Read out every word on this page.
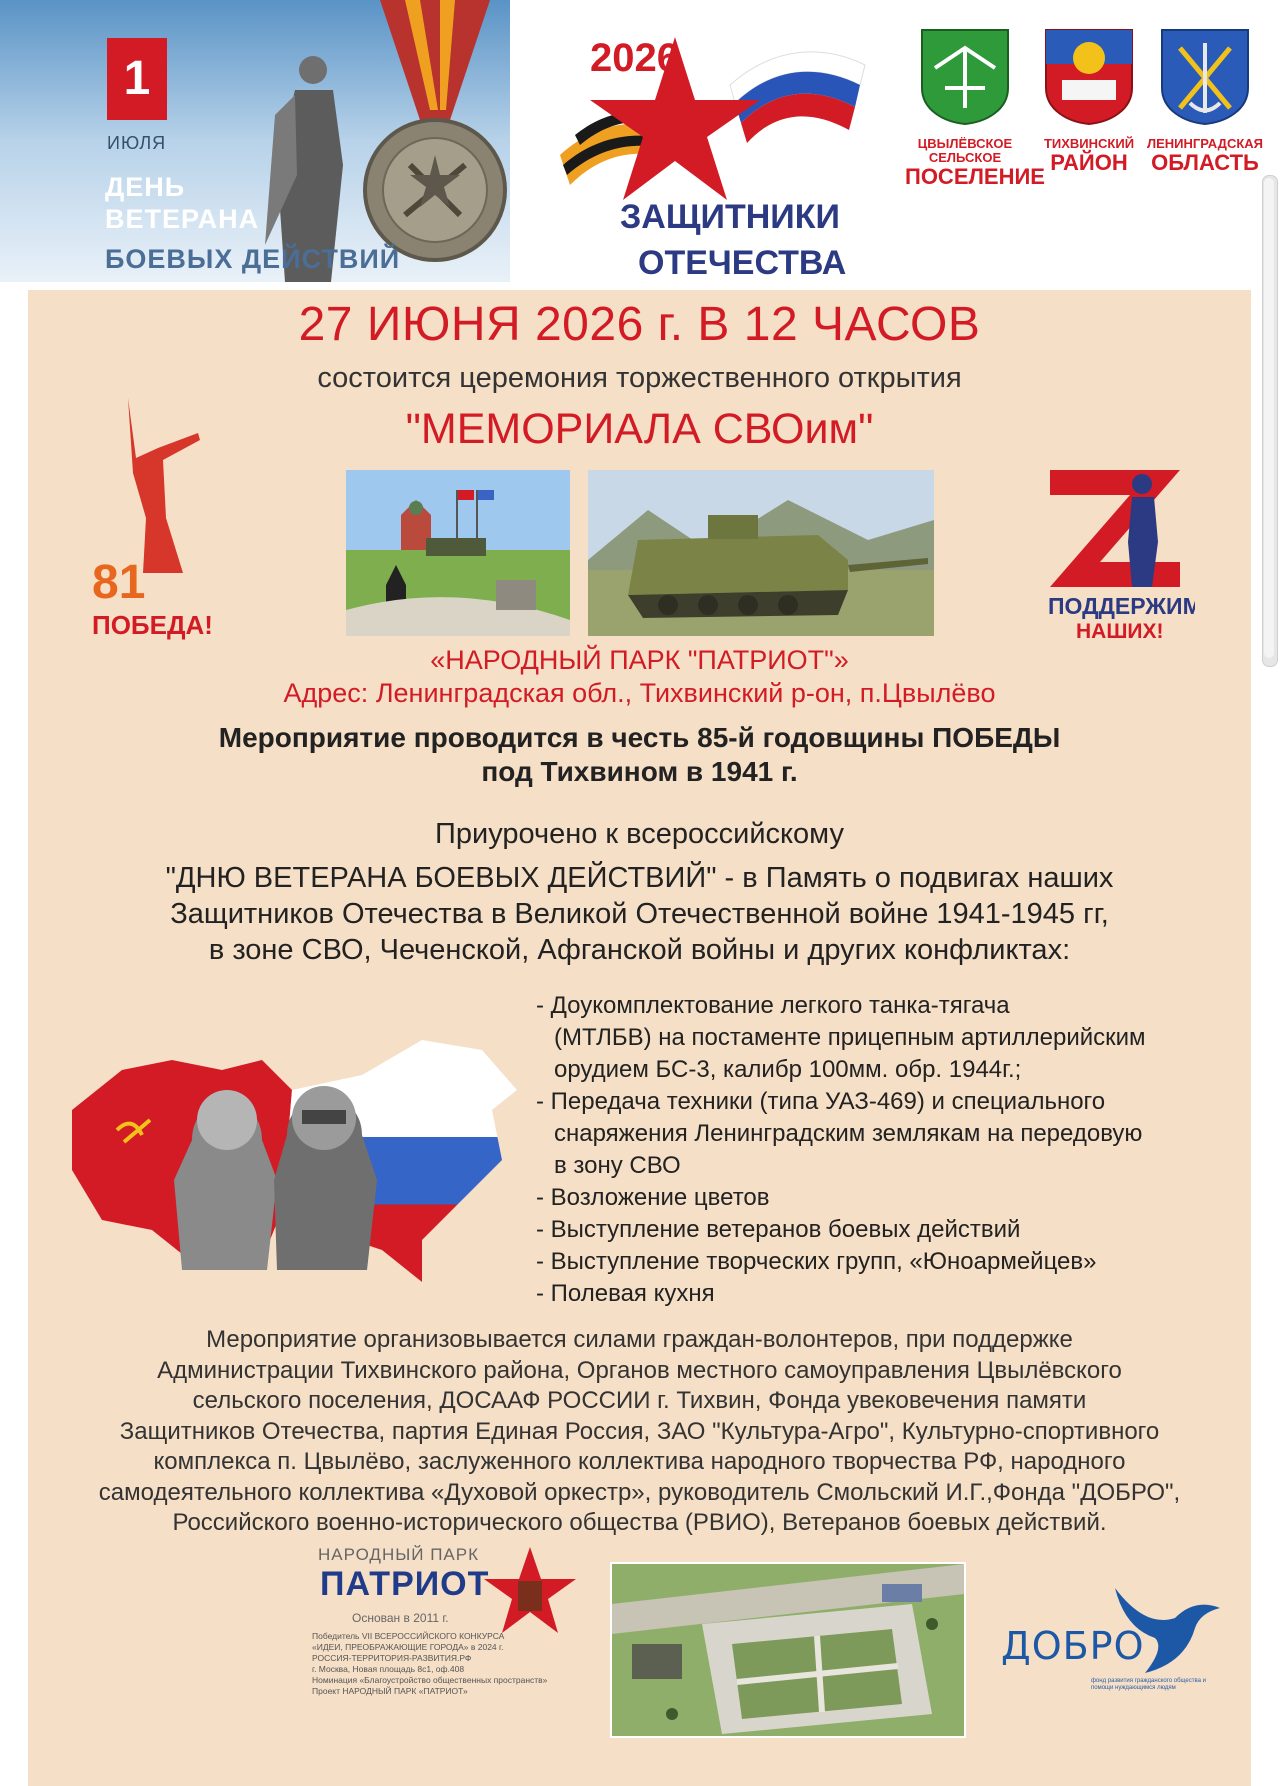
1
ИЮЛЯ
ДЕНЬ
ВЕТЕРАНА
БОЕВЫХ ДЕЙСТВИЙ
2026
ЗАЩИТНИКИ
ОТЕЧЕСТВА
ЦВЫЛЁВСКОЕ СЕЛЬСКОЕ
ПОСЕЛЕНИЕ
ТИХВИНСКИЙ
РАЙОН
ЛЕНИНГРАДСКАЯ
ОБЛАСТЬ
27 ИЮНЯ 2026 г. В 12 ЧАСОВ
состоится церемония торжественного открытия
"МЕМОРИАЛА СВОим"
81
ПОБЕДА!
ПОДДЕРЖИМ
НАШИХ!
«НАРОДНЫЙ ПАРК "ПАТРИОТ"»
Адрес: Ленинградская обл., Тихвинский р-он, п.Цвылёво
Мероприятие проводится в честь 85-й годовщины ПОБЕДЫ
под Тихвином в 1941 г.
Приурочено к всероссийскому
"ДНЮ ВЕТЕРАНА БОЕВЫХ ДЕЙСТВИЙ" - в Память о подвигах наших
Защитников Отечества в Великой Отечественной войне 1941-1945 гг,
в зоне СВО, Чеченской, Афганской войны и других конфликтах:
- Доукомплектование легкого танка-тягача
(МТЛБВ) на постаменте прицепным артиллерийским
орудием БС-3, калибр 100мм. обр. 1944г.;
- Передача техники (типа УАЗ-469) и специального
снаряжения Ленинградским землякам на передовую
в зону СВО
- Возложение цветов
- Выступление ветеранов боевых действий
- Выступление творческих групп, «Юноармейцев»
- Полевая кухня
Мероприятие организовывается силами граждан-волонтеров, при поддержке
Администрации Тихвинского района, Органов местного самоуправления Цвылёвского
сельского поселения, ДОСААФ РОССИИ г. Тихвин, Фонда увековечения памяти
Защитников Отечества, партия Единая Россия, ЗАО "Культура-Агро", Культурно-спортивного
комплекса п. Цвылёво, заслуженного коллектива народного творчества РФ, народного
самодеятельного коллектива «Духовой оркестр», руководитель Смольский И.Г.,Фонда "ДОБРО",
Российского военно-исторического общества (РВИО), Ветеранов боевых действий.
НАРОДНЫЙ ПАРК
ПАТРИОТ
Основан в 2011 г.
Победитель VII ВСЕРОССИЙСКОГО КОНКУРСА
«ИДЕИ, ПРЕОБРАЖАЮЩИЕ ГОРОДА» в 2024 г.
РОССИЯ-ТЕРРИТОРИЯ-РАЗВИТИЯ.РФ
г. Москва, Новая площадь 8с1, оф.408
Номинация «Благоустройство общественных пространств»
Проект НАРОДНЫЙ ПАРК «ПАТРИОТ»
ДОБРО
фонд развития гражданского общества и помощи нуждающимся людям
